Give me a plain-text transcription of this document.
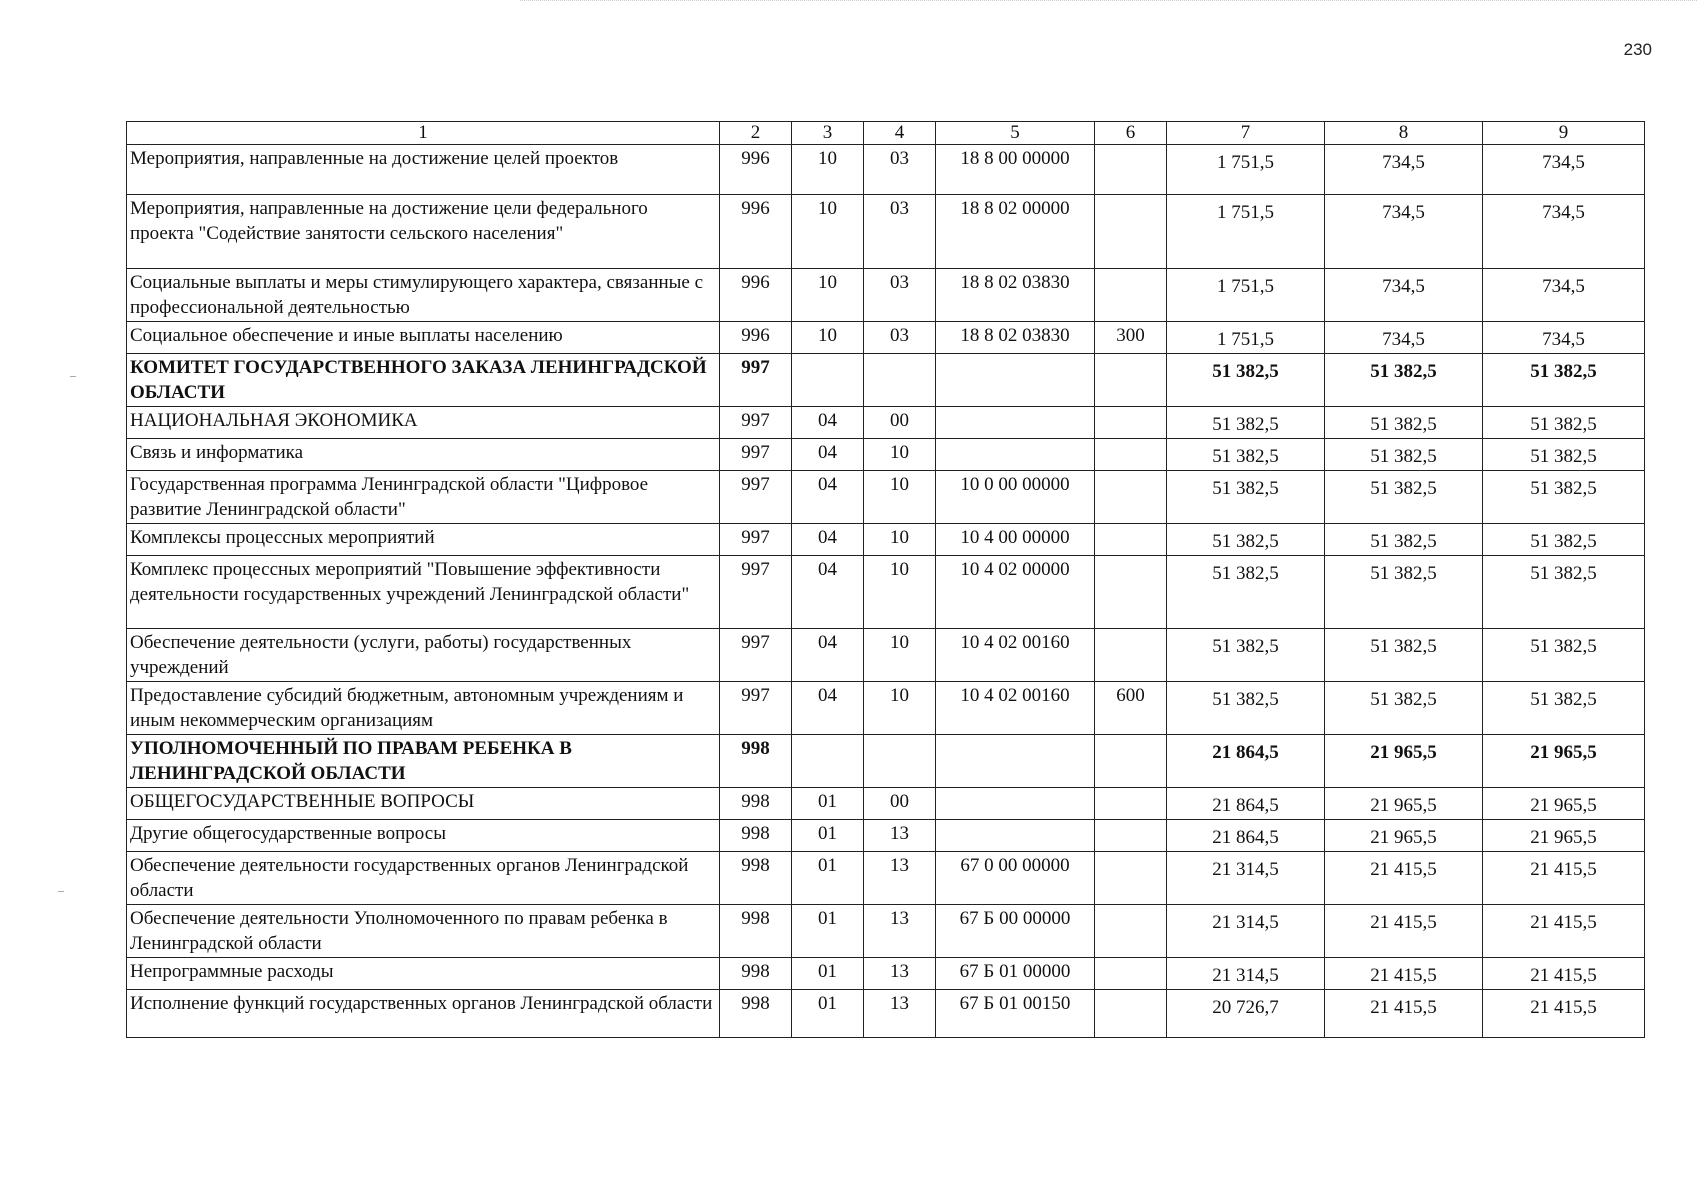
230
1	2	3	4	5	6	7	8	9
Мероприятия, направленные на достижение целей проектов	996	10	03	18 8 00 00000		1 751,5	734,5	734,5
Мероприятия, направленные на достижение цели федерального проекта "Содействие занятости сельского населения"	996	10	03	18 8 02 00000		1 751,5	734,5	734,5
Социальные выплаты и меры стимулирующего характера, связанные с профессиональной деятельностью	996	10	03	18 8 02 03830		1 751,5	734,5	734,5
Социальное обеспечение и иные выплаты населению	996	10	03	18 8 02 03830	300	1 751,5	734,5	734,5
КОМИТЕТ ГОСУДАРСТВЕННОГО ЗАКАЗА ЛЕНИНГРАДСКОЙ ОБЛАСТИ	997					51 382,5	51 382,5	51 382,5
НАЦИОНАЛЬНАЯ ЭКОНОМИКА	997	04	00			51 382,5	51 382,5	51 382,5
Связь и информатика	997	04	10			51 382,5	51 382,5	51 382,5
Государственная программа Ленинградской области "Цифровое развитие Ленинградской области"	997	04	10	10 0 00 00000		51 382,5	51 382,5	51 382,5
Комплексы процессных мероприятий	997	04	10	10 4 00 00000		51 382,5	51 382,5	51 382,5
Комплекс процессных мероприятий "Повышение эффективности деятельности государственных учреждений Ленинградской области"	997	04	10	10 4 02 00000		51 382,5	51 382,5	51 382,5
Обеспечение деятельности (услуги, работы) государственных учреждений	997	04	10	10 4 02 00160		51 382,5	51 382,5	51 382,5
Предоставление субсидий бюджетным, автономным учреждениям и иным некоммерческим организациям	997	04	10	10 4 02 00160	600	51 382,5	51 382,5	51 382,5
УПОЛНОМОЧЕННЫЙ ПО ПРАВАМ РЕБЕНКА В ЛЕНИНГРАДСКОЙ ОБЛАСТИ	998					21 864,5	21 965,5	21 965,5
ОБЩЕГОСУДАРСТВЕННЫЕ ВОПРОСЫ	998	01	00			21 864,5	21 965,5	21 965,5
Другие общегосударственные вопросы	998	01	13			21 864,5	21 965,5	21 965,5
Обеспечение деятельности государственных органов Ленинградской области	998	01	13	67 0 00 00000		21 314,5	21 415,5	21 415,5
Обеспечение деятельности Уполномоченного по правам ребенка в Ленинградской области	998	01	13	67 Б 00 00000		21 314,5	21 415,5	21 415,5
Непрограммные расходы	998	01	13	67 Б 01 00000		21 314,5	21 415,5	21 415,5
Исполнение функций государственных органов Ленинградской области	998	01	13	67 Б 01 00150		20 726,7	21 415,5	21 415,5
